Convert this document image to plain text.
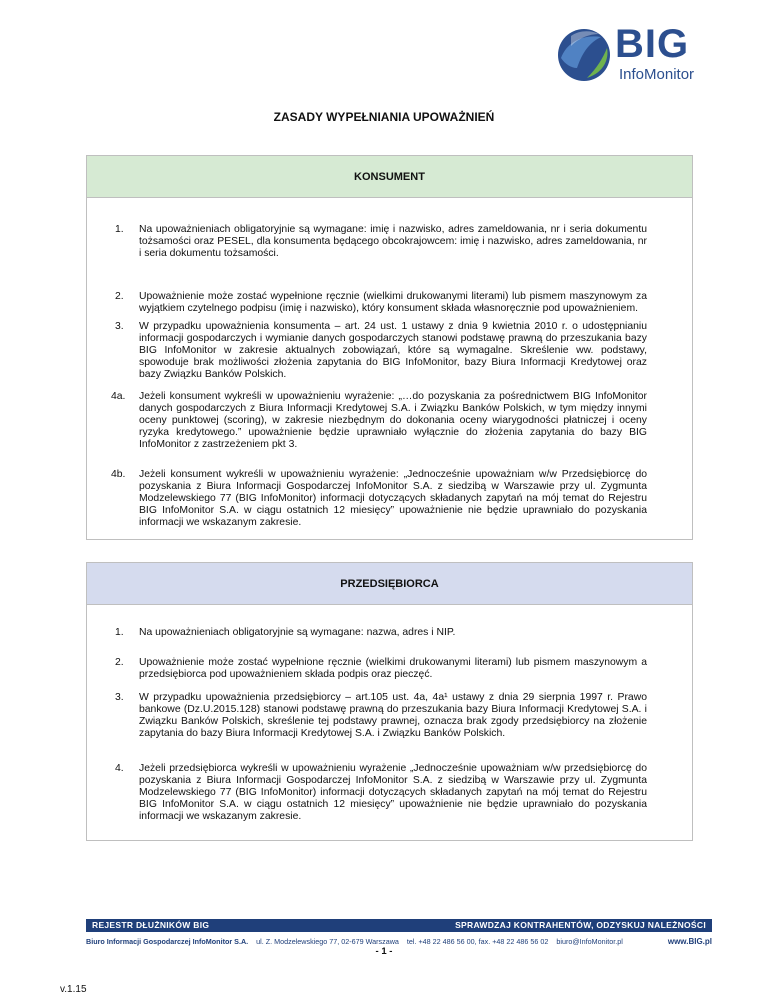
BIG
InfoMonitor
ZASADY WYPEŁNIANIA UPOWAŻNIEŃ
KONSUMENT
1. Na upoważnieniach obligatoryjnie są wymagane: imię i nazwisko, adres zameldowania, nr i seria dokumentu tożsamości oraz PESEL, dla konsumenta będącego obcokrajowcem: imię i nazwisko, adres zameldowania, nr i seria dokumentu tożsamości.
2. Upoważnienie może zostać wypełnione ręcznie (wielkimi drukowanymi literami) lub pismem maszynowym za wyjątkiem czytelnego podpisu (imię i nazwisko), który konsument składa własnoręcznie pod upoważnieniem.
3. W przypadku upoważnienia konsumenta – art. 24 ust. 1 ustawy z dnia 9 kwietnia 2010 r. o udostępnianiu informacji gospodarczych i wymianie danych gospodarczych stanowi podstawę prawną do przeszukania bazy BIG InfoMonitor w zakresie aktualnych zobowiązań, które są wymagalne. Skreślenie ww. podstawy, spowoduje brak możliwości złożenia zapytania do BIG InfoMonitor, bazy Biura Informacji Kredytowej oraz bazy Związku Banków Polskich.
4a. Jeżeli konsument wykreśli w upoważnieniu wyrażenie: „…do pozyskania za pośrednictwem BIG InfoMonitor danych gospodarczych z Biura Informacji Kredytowej S.A. i Związku Banków Polskich, w tym między innymi oceny punktowej (scoring), w zakresie niezbędnym do dokonania oceny wiarygodności płatniczej i oceny ryzyka kredytowego.” upoważnienie będzie uprawniało wyłącznie do złożenia zapytania do bazy BIG InfoMonitor z zastrzeżeniem pkt 3.
4b. Jeżeli konsument wykreśli w upoważnieniu wyrażenie: „Jednocześnie upoważniam w/w Przedsiębiorcę do pozyskania z Biura Informacji Gospodarczej InfoMonitor S.A. z siedzibą w Warszawie przy ul. Zygmunta Modzelewskiego 77 (BIG InfoMonitor) informacji dotyczących składanych zapytań na mój temat do Rejestru BIG InfoMonitor S.A. w ciągu ostatnich 12 miesięcy” upoważnienie nie będzie uprawniało do pozyskania informacji we wskazanym zakresie.
PRZEDSIĘBIORCA
1. Na upoważnieniach obligatoryjnie są wymagane: nazwa, adres i NIP.
2. Upoważnienie może zostać wypełnione ręcznie (wielkimi drukowanymi literami) lub pismem maszynowym a przedsiębiorca pod upoważnieniem składa podpis oraz pieczęć.
3. W przypadku upoważnienia przedsiębiorcy – art.105 ust. 4a, 4a¹ ustawy z dnia 29 sierpnia 1997 r. Prawo bankowe (Dz.U.2015.128) stanowi podstawę prawną do przeszukania bazy Biura Informacji Kredytowej S.A. i Związku Banków Polskich, skreślenie tej podstawy prawnej, oznacza brak zgody przedsiębiorcy na złożenie zapytania do bazy Biura Informacji Kredytowej S.A. i Związku Banków Polskich.
4. Jeżeli przedsiębiorca wykreśli w upoważnieniu wyrażenie „Jednocześnie upoważniam w/w przedsiębiorcę do pozyskania z Biura Informacji Gospodarczej InfoMonitor S.A. z siedzibą w Warszawie przy ul. Zygmunta Modzelewskiego 77 (BIG InfoMonitor) informacji dotyczących składanych zapytań na mój temat do Rejestru BIG InfoMonitor S.A. w ciągu ostatnich 12 miesięcy” upoważnienie nie będzie uprawniało do pozyskania informacji we wskazanym zakresie.
REJESTR DŁUŻNIKÓW BIG	SPRAWDZAJ KONTRAHENTÓW, ODZYSKUJ NALEŻNOŚCI
Biuro Informacji Gospodarczej InfoMonitor S.A. ul. Z. Modzelewskiego 77, 02-679 Warszawa tel. +48 22 486 56 00, fax. +48 22 486 56 02 biuro@InfoMonitor.pl	www.BIG.pl
- 1 -
v.1.15
